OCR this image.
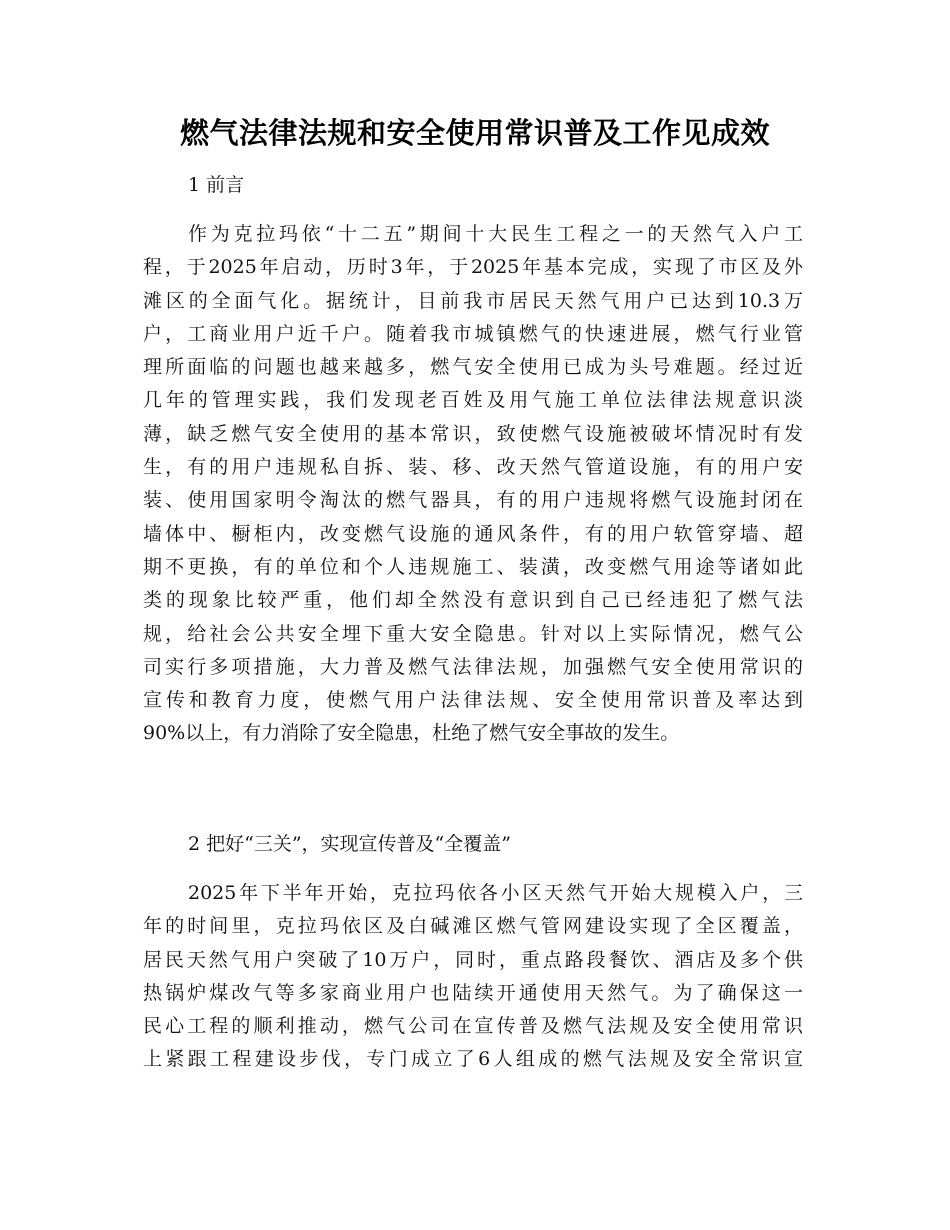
燃气法律法规和安全使用常识普及工作见成效
1 前言
作为克拉玛依“十二五”期间十大民生工程之一的天然气入户工
程，于2025年启动，历时3年，于2025年基本完成，实现了市区及外
滩区的全面气化。据统计，目前我市居民天然气用户已达到10.3万
户，工商业用户近千户。随着我市城镇燃气的快速进展，燃气行业管
理所面临的问题也越来越多，燃气安全使用已成为头号难题。经过近
几年的管理实践，我们发现老百姓及用气施工单位法律法规意识淡
薄，缺乏燃气安全使用的基本常识，致使燃气设施被破坏情况时有发
生，有的用户违规私自拆、装、移、改天然气管道设施，有的用户安
装、使用国家明令淘汰的燃气器具，有的用户违规将燃气设施封闭在
墙体中、橱柜内，改变燃气设施的通风条件，有的用户软管穿墙、超
期不更换，有的单位和个人违规施工、装潢，改变燃气用途等诸如此
类的现象比较严重，他们却全然没有意识到自己已经违犯了燃气法
规，给社会公共安全埋下重大安全隐患。针对以上实际情况，燃气公
司实行多项措施，大力普及燃气法律法规，加强燃气安全使用常识的
宣传和教育力度，使燃气用户法律法规、安全使用常识普及率达到
90%以上，有力消除了安全隐患，杜绝了燃气安全事故的发生。
2 把好“三关”，实现宣传普及“全覆盖”
2025年下半年开始，克拉玛依各小区天然气开始大规模入户，三
年的时间里，克拉玛依区及白碱滩区燃气管网建设实现了全区覆盖，
居民天然气用户突破了10万户，同时，重点路段餐饮、酒店及多个供
热锅炉煤改气等多家商业用户也陆续开通使用天然气。为了确保这一
民心工程的顺利推动，燃气公司在宣传普及燃气法规及安全使用常识
上紧跟工程建设步伐，专门成立了6人组成的燃气法规及安全常识宣
